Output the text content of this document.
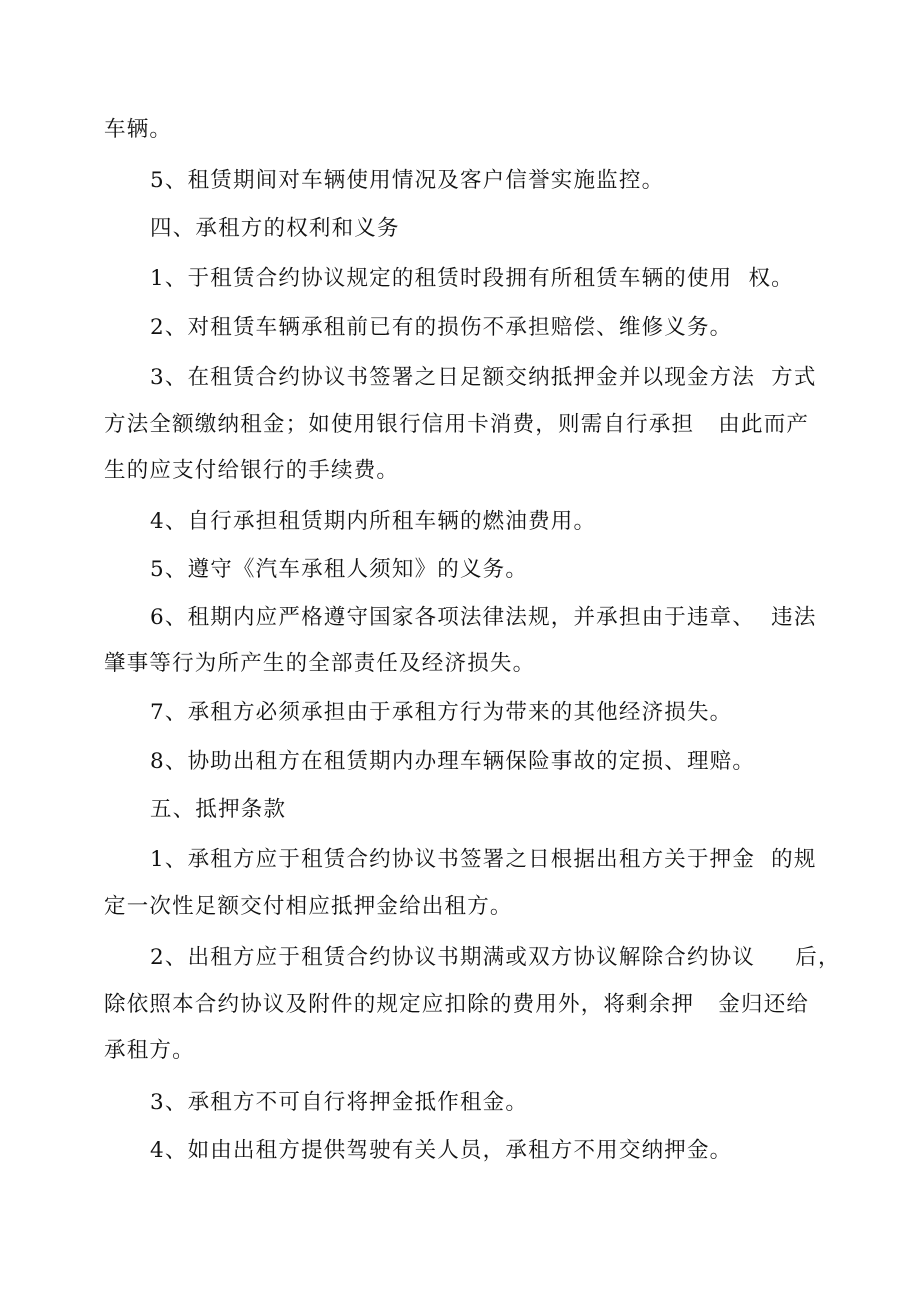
车辆。
5、租赁期间对车辆使用情况及客户信誉实施监控。
四、承租方的权利和义务
1、于租赁合约协议规定的租赁时段拥有所租赁车辆的使用  权。
2、对租赁车辆承租前已有的损伤不承担赔偿、维修义务。
3、在租赁合约协议书签署之日足额交纳抵押金并以现金方法  方式
方法全额缴纳租金；如使用银行信用卡消费，则需自行承担   由此而产
生的应支付给银行的手续费。
4、自行承担租赁期内所租车辆的燃油费用。
5、遵守《汽车承租人须知》的义务。
6、租期内应严格遵守国家各项法律法规，并承担由于违章、  违法
肇事等行为所产生的全部责任及经济损失。
7、承租方必须承担由于承租方行为带来的其他经济损失。
8、协助出租方在租赁期内办理车辆保险事故的定损、理赔。
五、抵押条款
1、承租方应于租赁合约协议书签署之日根据出租方关于押金  的规
定一次性足额交付相应抵押金给出租方。
2、出租方应于租赁合约协议书期满或双方协议解除合约协议     后，
除依照本合约协议及附件的规定应扣除的费用外，将剩余押   金归还给
承租方。
3、承租方不可自行将押金抵作租金。
4、如由出租方提供驾驶有关人员，承租方不用交纳押金。
